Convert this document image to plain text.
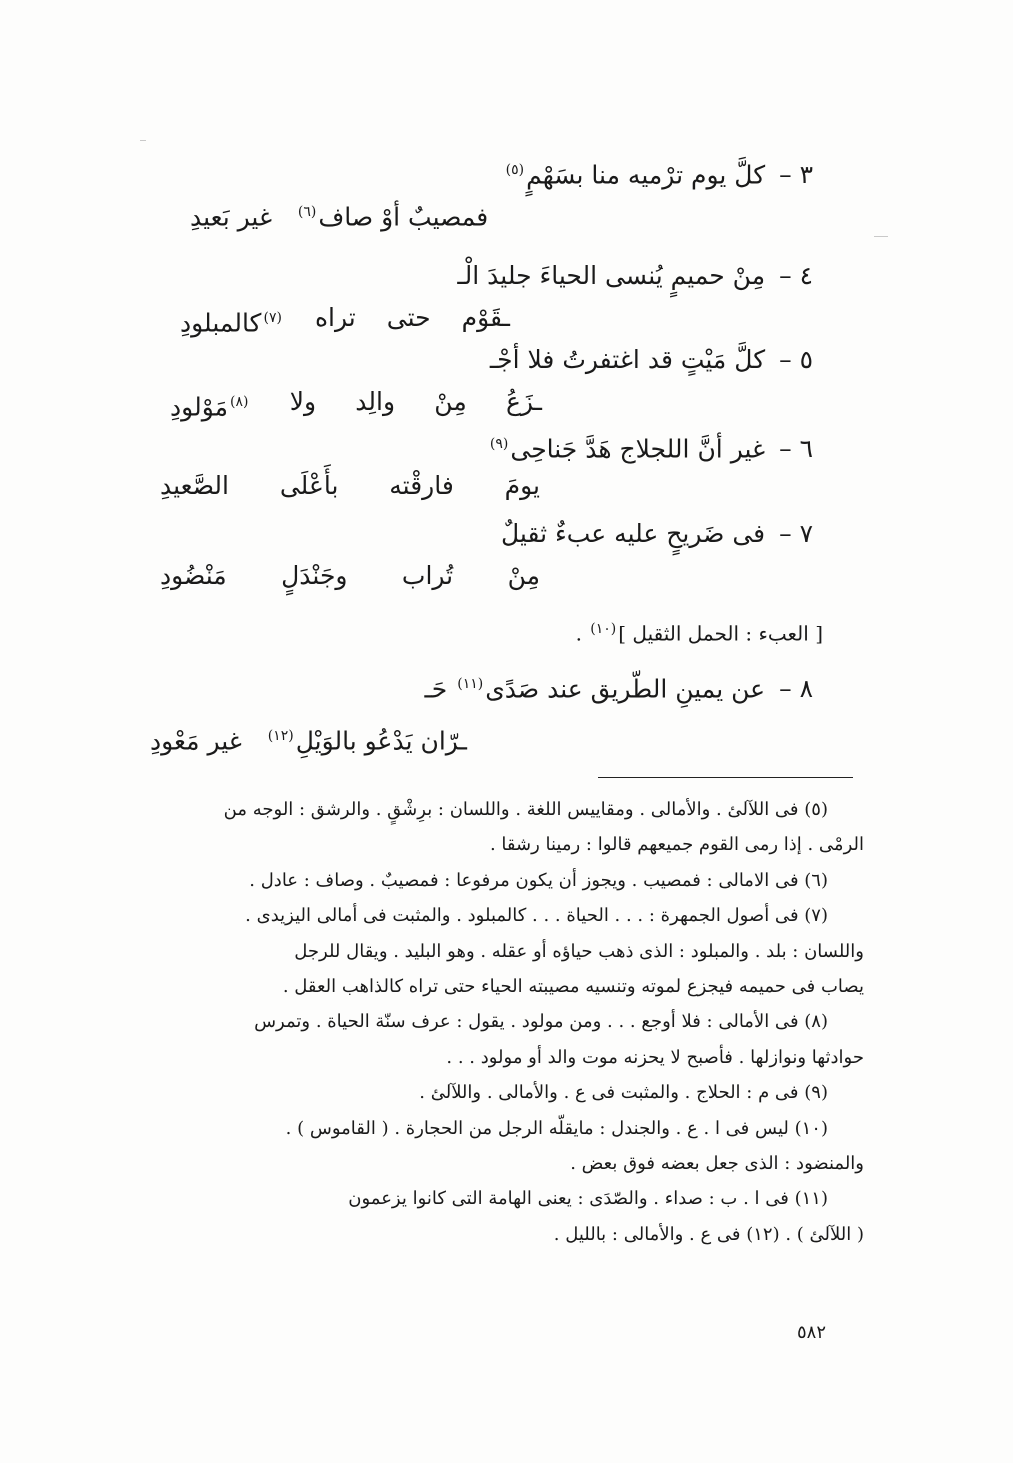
٣ –كلَّ يوم ترْميه منا بسَهْمٍ$^{(٥)}$
فمصيبٌ أوْ صاف$^{(٦)}$   غير بَعيدِ
٤ –مِنْ حميمٍ يُنسى الحياءَ جليدَ الْـ
ـقَوْم
حتى
تراه
$^{(٧)}$كالمبلودِ
٥ –كلَّ مَيْتٍ قد اغتفرتُ فلا أجْـ
ـزَعُ
مِنْ
والِد
ولا
$^{(٨)}$مَوْلودِ
٦ –غير أنَّ اللجلاج هَدَّ جَناحِى$^{(٩)}$
يومَ
فارقْته
بأَعْلَى
الصَّعيدِ
٧ –فى ضَريحٍ عليه عبءٌ ثقيلٌ
مِنْ
تُراب
وجَنْدَلٍ
مَنْضُودِ
[ العبء : الحمل الثقيل ]$^{(١٠)}$ .
٨ –عن يمينِ الطّريق عند صَدًى$^{(١١)}$ حَـ
ـرّان يَدْعُو بالوَيْلِ$^{(١٢)}$   غير مَعْودِ
(٥) فى اللآلئ . والأمالى . ومقاييس اللغة . واللسان : برِشْقٍ . والرشق : الوجه من
الرمْى . إذا رمى القوم جميعهم قالوا : رمينا رشقا .
(٦) فى الامالى : فمصيب . ويجوز أن يكون مرفوعا : فمصيبٌ . وصاف : عادل .
(٧) فى أصول الجمهرة : . . . الحياة . . . كالمبلود . والمثبت فى أمالى اليزيدى .
واللسان : بلد . والمبلود : الذى ذهب حياؤه أو عقله . وهو البليد . ويقال للرجل
يصاب فى حميمه فيجزع لموته وتنسيه مصيبته الحياء حتى تراه كالذاهب العقل .
(٨) فى الأمالى : فلا أوجع . . . ومن مولود . يقول : عرف سنّة الحياة . وتمرس
حوادثها ونوازلها . فأصبح لا يحزنه موت والد أو مولود . . .
(٩) فى م : الحلاج . والمثبت فى ع . والأمالى . واللآلئ .
(١٠) ليس فى ا . ع . والجندل : مايقلّه الرجل من الحجارة . ( القاموس ) .
والمنضود : الذى جعل بعضه فوق بعض .
(١١) فى ا . ب : صداء . والصّدَى : يعنى الهامة التى كانوا يزعمون
( اللآلئ ) . (١٢) فى ع . والأمالى : بالليل .
٥٨٢
